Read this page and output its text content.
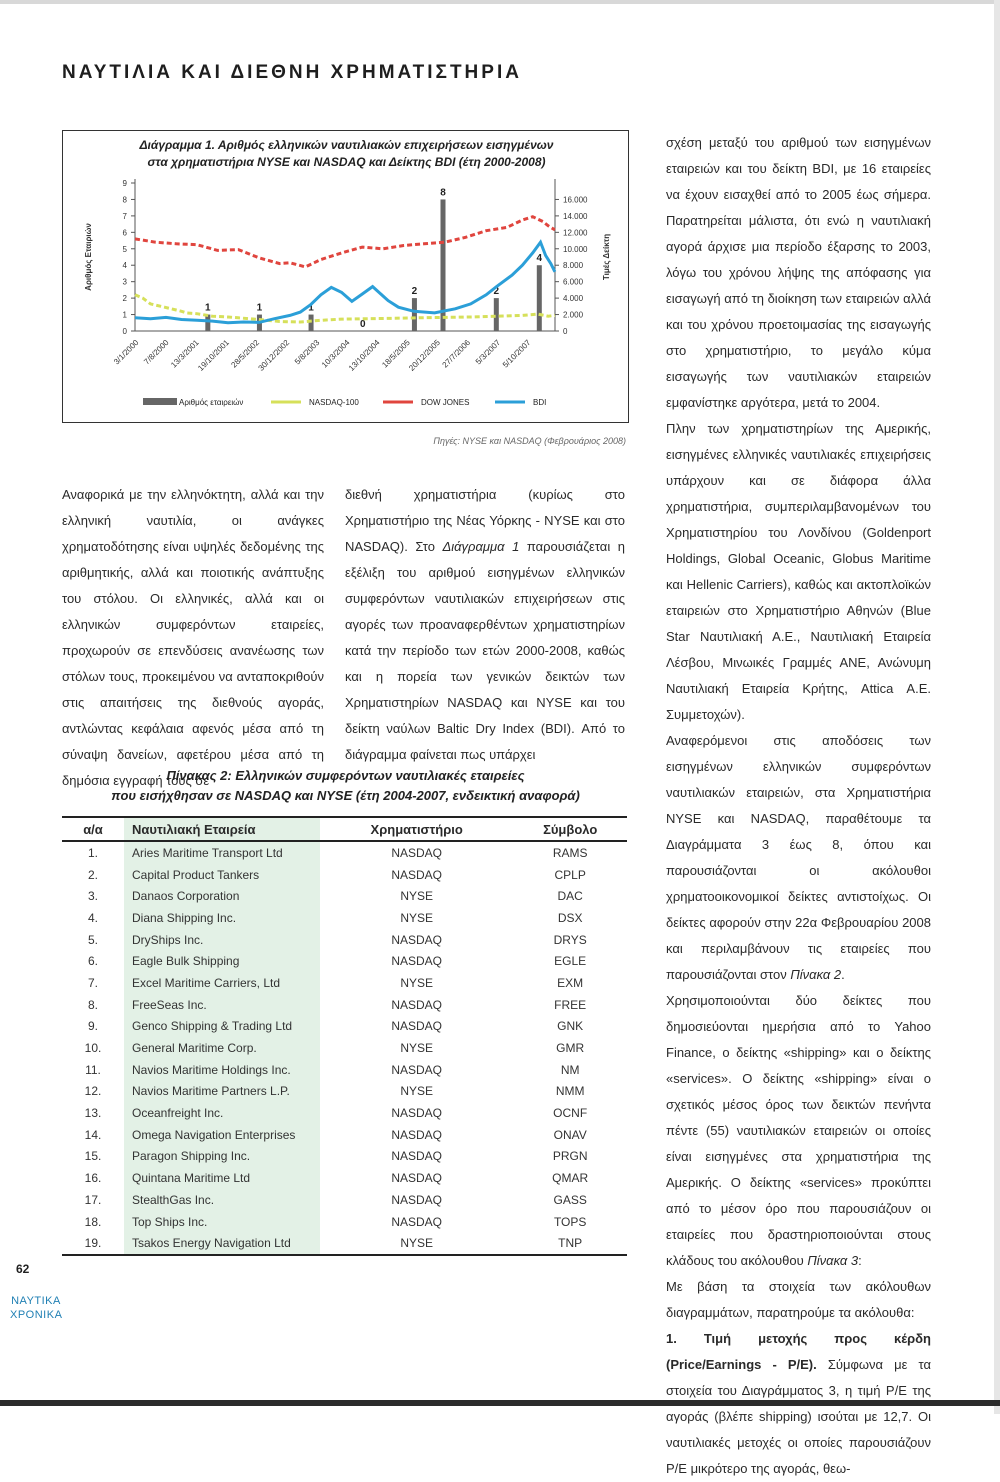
ΝΑΥΤΙΛΙΑ ΚΑΙ ΔΙΕΘΝΗ ΧΡΗΜΑΤΙΣΤΗΡΙΑ
Διάγραμμα 1. Αριθμός ελληνικών ναυτιλιακών επιχειρήσεων εισηγμένων
στα χρηματιστήρια NYSE και NASDAQ και Δείκτης BDI (έτη 2000-2008)
0
1
2
3
4
5
6
7
8
9
0
2.000
4.000
6.000
8.000
10.000
12.000
14.000
16.000
Αριθμός Εταιριών	Τιμές Δείκτη
1	1	1
0
2
8
2
4
3/1/2000 7/8/2000
13/3/2001
19/10/2001
28/5/2002
30/12/2002 5/8/2003
10/3/2004
13/10/2004
18/5/2005
20/12/2005
27/7/2006 5/3/2007
5/10/2007
Αριθμός εταιρειών	NASDAQ-100	DOW JONES	BDI
Πηγές: NYSE και NASDAQ (Φεβρουάριος 2008)

Αναφορικά με την ελληνόκτητη, αλλά και την ελληνική ναυτιλία, οι ανάγκες χρηματοδότησης είναι υψηλές δεδομένης της αριθμητικής, αλλά και ποιοτικής ανάπτυξης του στόλου. Οι ελληνικές, αλλά και οι ελληνικών συμφερόντων εταιρείες, προχωρούν σε επενδύσεις ανανέωσης των στόλων τους, προκειμένου να ανταποκριθούν στις απαιτήσεις της διεθνούς αγοράς, αντλώντας κεφάλαια αφενός μέσα από τη σύναψη δανείων, αφετέρου μέσα από τη δημόσια εγγραφή τους σε

διεθνή χρηματιστήρια (κυρίως στο Χρηματιστήριο της Νέας Υόρκης - NYSE και στο NASDAQ). Στο Διάγραμμα 1 παρουσιάζεται η εξέλιξη του αριθμού εισηγμένων ελληνικών συμφερόντων ναυτιλιακών επιχειρήσεων στις αγορές των προαναφερθέντων χρηματιστηρίων κατά την περίοδο των ετών 2000-2008, καθώς και η πορεία των γενικών δεικτών των Χρηματιστηρίων NASDAQ και NYSE και του δείκτη ναύλων Baltic Dry Index (BDI). Από το διάγραμμα φαίνεται πως υπάρχει

Πίνακας 2: Ελληνικών συμφερόντων ναυτιλιακές εταιρείες
που εισήχθησαν σε NASDAQ και NYSE (έτη 2004-2007, ενδεικτική αναφορά)
α/α	Ναυτιλιακή Εταιρεία	Χρηματιστήριο	Σύμβολο
1.	Aries Maritime Transport Ltd	NASDAQ	RAMS
2.	Capital Product Tankers	NASDAQ	CPLP
3.	Danaos Corporation	NYSE	DAC
4.	Diana Shipping Inc.	NYSE	DSX
5.	DryShips Inc.	NASDAQ	DRYS
6.	Eagle Bulk Shipping	NASDAQ	EGLE
7.	Excel Maritime Carriers, Ltd	NYSE	EXM
8.	FreeSeas Inc.	NASDAQ	FREE
9.	Genco Shipping & Trading Ltd	NASDAQ	GNK
10.	General Maritime Corp.	NYSE	GMR
11.	Navios Maritime Holdings Inc.	NASDAQ	NM
12.	Navios Maritime Partners L.P.	NYSE	NMM
13.	Oceanfreight Inc.	NASDAQ	OCNF
14.	Omega Navigation Enterprises	NASDAQ	ONAV
15.	Paragon Shipping Inc.	NASDAQ	PRGN
16.	Quintana Maritime Ltd	NASDAQ	QMAR
17.	StealthGas Inc.	NASDAQ	GASS
18.	Top Ships Inc.	NASDAQ	TOPS
19.	Tsakos Energy Navigation Ltd	NYSE	TNP

σχέση μεταξύ του αριθμού των εισηγμένων εταιρειών και του δείκτη BDI, με 16 εταιρείες να έχουν εισαχθεί από το 2005 έως σήμερα. Παρατηρείται μάλιστα, ότι ενώ η ναυτιλιακή αγορά άρχισε μια περίοδο έξαρσης το 2003, λόγω του χρόνου λήψης της απόφασης για εισαγωγή από τη διοίκηση των εταιρειών αλλά και του χρόνου προετοιμασίας της εισαγωγής στο χρηματιστήριο, το μεγάλο κύμα εισαγωγής των ναυτιλιακών εταιρειών εμφανίστηκε αργότερα, μετά το 2004.

Πλην των χρηματιστηρίων της Αμερικής, εισηγμένες ελληνικές ναυτιλιακές επιχειρήσεις υπάρχουν και σε διάφορα άλλα χρηματιστήρια, συμπεριλαμβανομένων του Χρηματιστηρίου του Λονδίνου (Goldenport Holdings, Global Oceanic, Globus Maritime και Hellenic Carriers), καθώς και ακτοπλοϊκών εταιρειών στο Χρηματιστήριο Αθηνών (Blue Star Ναυτιλιακή Α.Ε., Ναυτιλιακή Εταιρεία Λέσβου, Μινωικές Γραμμές ΑΝΕ, Ανώνυμη Ναυτιλιακή Εταιρεία Κρήτης, Attica Α.Ε. Συμμετοχών).

Αναφερόμενοι στις αποδόσεις των εισηγμένων ελληνικών συμφερόντων ναυτιλιακών εταιρειών, στα Χρηματιστήρια NYSE και NASDAQ, παραθέτουμε τα Διαγράμματα 3 έως 8, όπου και παρουσιάζονται οι ακόλουθοι χρηματοοικονομικοί δείκτες αντιστοίχως. Οι δείκτες αφορούν στην 22α Φεβρουαρίου 2008 και περιλαμβάνουν τις εταιρείες που παρουσιάζονται στον Πίνακα 2.

Χρησιμοποιούνται δύο δείκτες που δημοσιεύονται ημερήσια από το Yahoo Finance, ο δείκτης «shipping» και ο δείκτης «services». Ο δείκτης «shipping» είναι ο σχετικός μέσος όρος των δεικτών πενήντα πέντε (55) ναυτιλιακών εταιρειών οι οποίες είναι εισηγμένες στα χρηματιστήρια της Αμερικής. Ο δείκτης «services» προκύπτει από το μέσον όρο που παρουσιάζουν οι εταιρείες που δραστηριοποιούνται στους κλάδους του ακόλουθου Πίνακα 3:

Με βάση τα στοιχεία των ακόλουθων διαγραμμάτων, παρατηρούμε τα ακόλουθα:

1. Τιμή μετοχής προς κέρδη (Price/Earnings - P/E). Σύμφωνα με τα στοιχεία του Διαγράμματος 3, η τιμή P/E της αγοράς (βλέπε shipping) ισούται με 12,7. Οι ναυτιλιακές μετοχές οι οποίες παρουσιάζουν P/E μικρότερο της αγοράς, θεω-

62
ΝΑΥΤΙΚΑ
ΧΡΟΝΙΚΑ
